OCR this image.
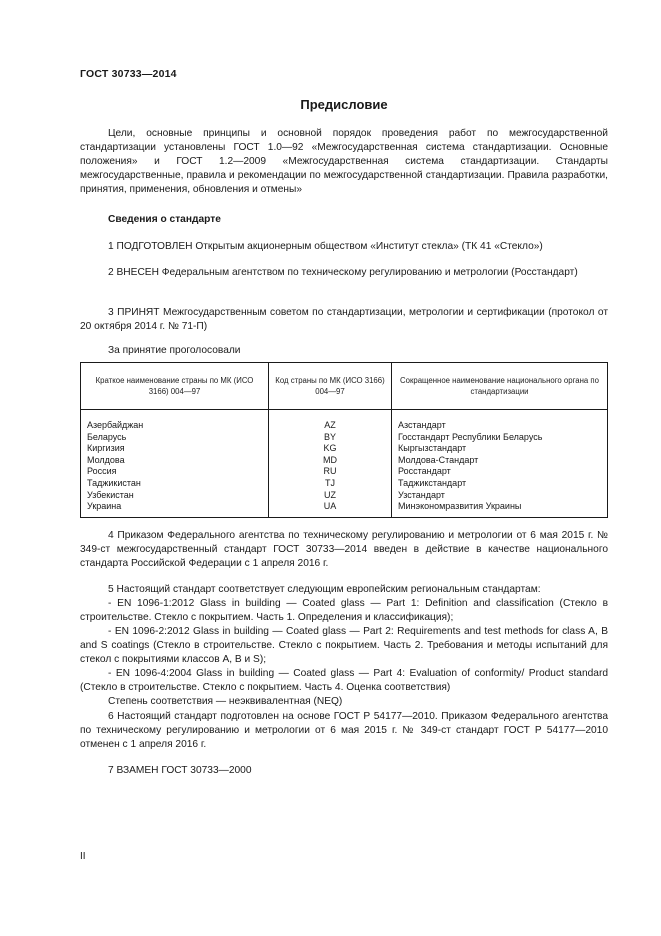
ГОСТ 30733—2014
Предисловие
Цели, основные принципы и основной порядок проведения работ по межгосударственной стандартизации установлены ГОСТ 1.0—92 «Межгосударственная система стандартизации. Основные положения» и ГОСТ 1.2—2009 «Межгосударственная система стандартизации. Стандарты межгосударственные, правила и рекомендации по межгосударственной стандартизации. Правила разработки, принятия, применения, обновления и отмены»
Сведения о стандарте
1 ПОДГОТОВЛЕН Открытым акционерным обществом «Институт стекла» (ТК 41 «Стекло»)
2 ВНЕСЕН Федеральным агентством по техническому регулированию и метрологии (Росстандарт)
3 ПРИНЯТ Межгосударственным советом по стандартизации, метрологии и сертификации (протокол от 20 октября 2014 г. № 71-П)
За принятие проголосовали
Краткое наименование страны по МК (ИСО 3166) 004—97	Код страны по МК (ИСО 3166) 004—97	Сокращенное наименование национального органа по стандартизации
Азербайджан	AZ	Азстандарт
Беларусь	BY	Госстандарт Республики Беларусь
Киргизия	KG	Кыргызстандарт
Молдова	MD	Молдова-Стандарт
Россия	RU	Росстандарт
Таджикистан	TJ	Таджикстандарт
Узбекистан	UZ	Узстандарт
Украина	UA	Минэкономразвития Украины
4 Приказом Федерального агентства по техническому регулированию и метрологии от 6 мая 2015 г. № 349-ст межгосударственный стандарт ГОСТ 30733—2014 введен в действие в качестве национального стандарта Российской Федерации с 1 апреля 2016 г.
5 Настоящий стандарт соответствует следующим европейским региональным стандартам:
- EN 1096-1:2012 Glass in building — Coated glass — Part 1: Definition and classification (Стекло в строительстве. Стекло с покрытием. Часть 1. Определения и классификация);
- EN 1096-2:2012 Glass in building — Coated glass — Part 2: Requirements and test methods for class A, B and S coatings (Стекло в строительстве. Стекло с покрытием. Часть 2. Требования и методы испытаний для стекол с покрытиями классов A, B и S);
- EN 1096-4:2004 Glass in building — Coated glass — Part 4: Evaluation of conformity/ Product standard (Стекло в строительстве. Стекло с покрытием. Часть 4. Оценка соответствия)
Степень соответствия — неэквивалентная (NEQ)
6 Настоящий стандарт подготовлен на основе ГОСТ Р 54177—2010. Приказом Федерального агентства по техническому регулированию и метрологии от 6 мая 2015 г. № 349-ст стандарт ГОСТ Р 54177—2010 отменен с 1 апреля 2016 г.
7 ВЗАМЕН ГОСТ 30733—2000
II
